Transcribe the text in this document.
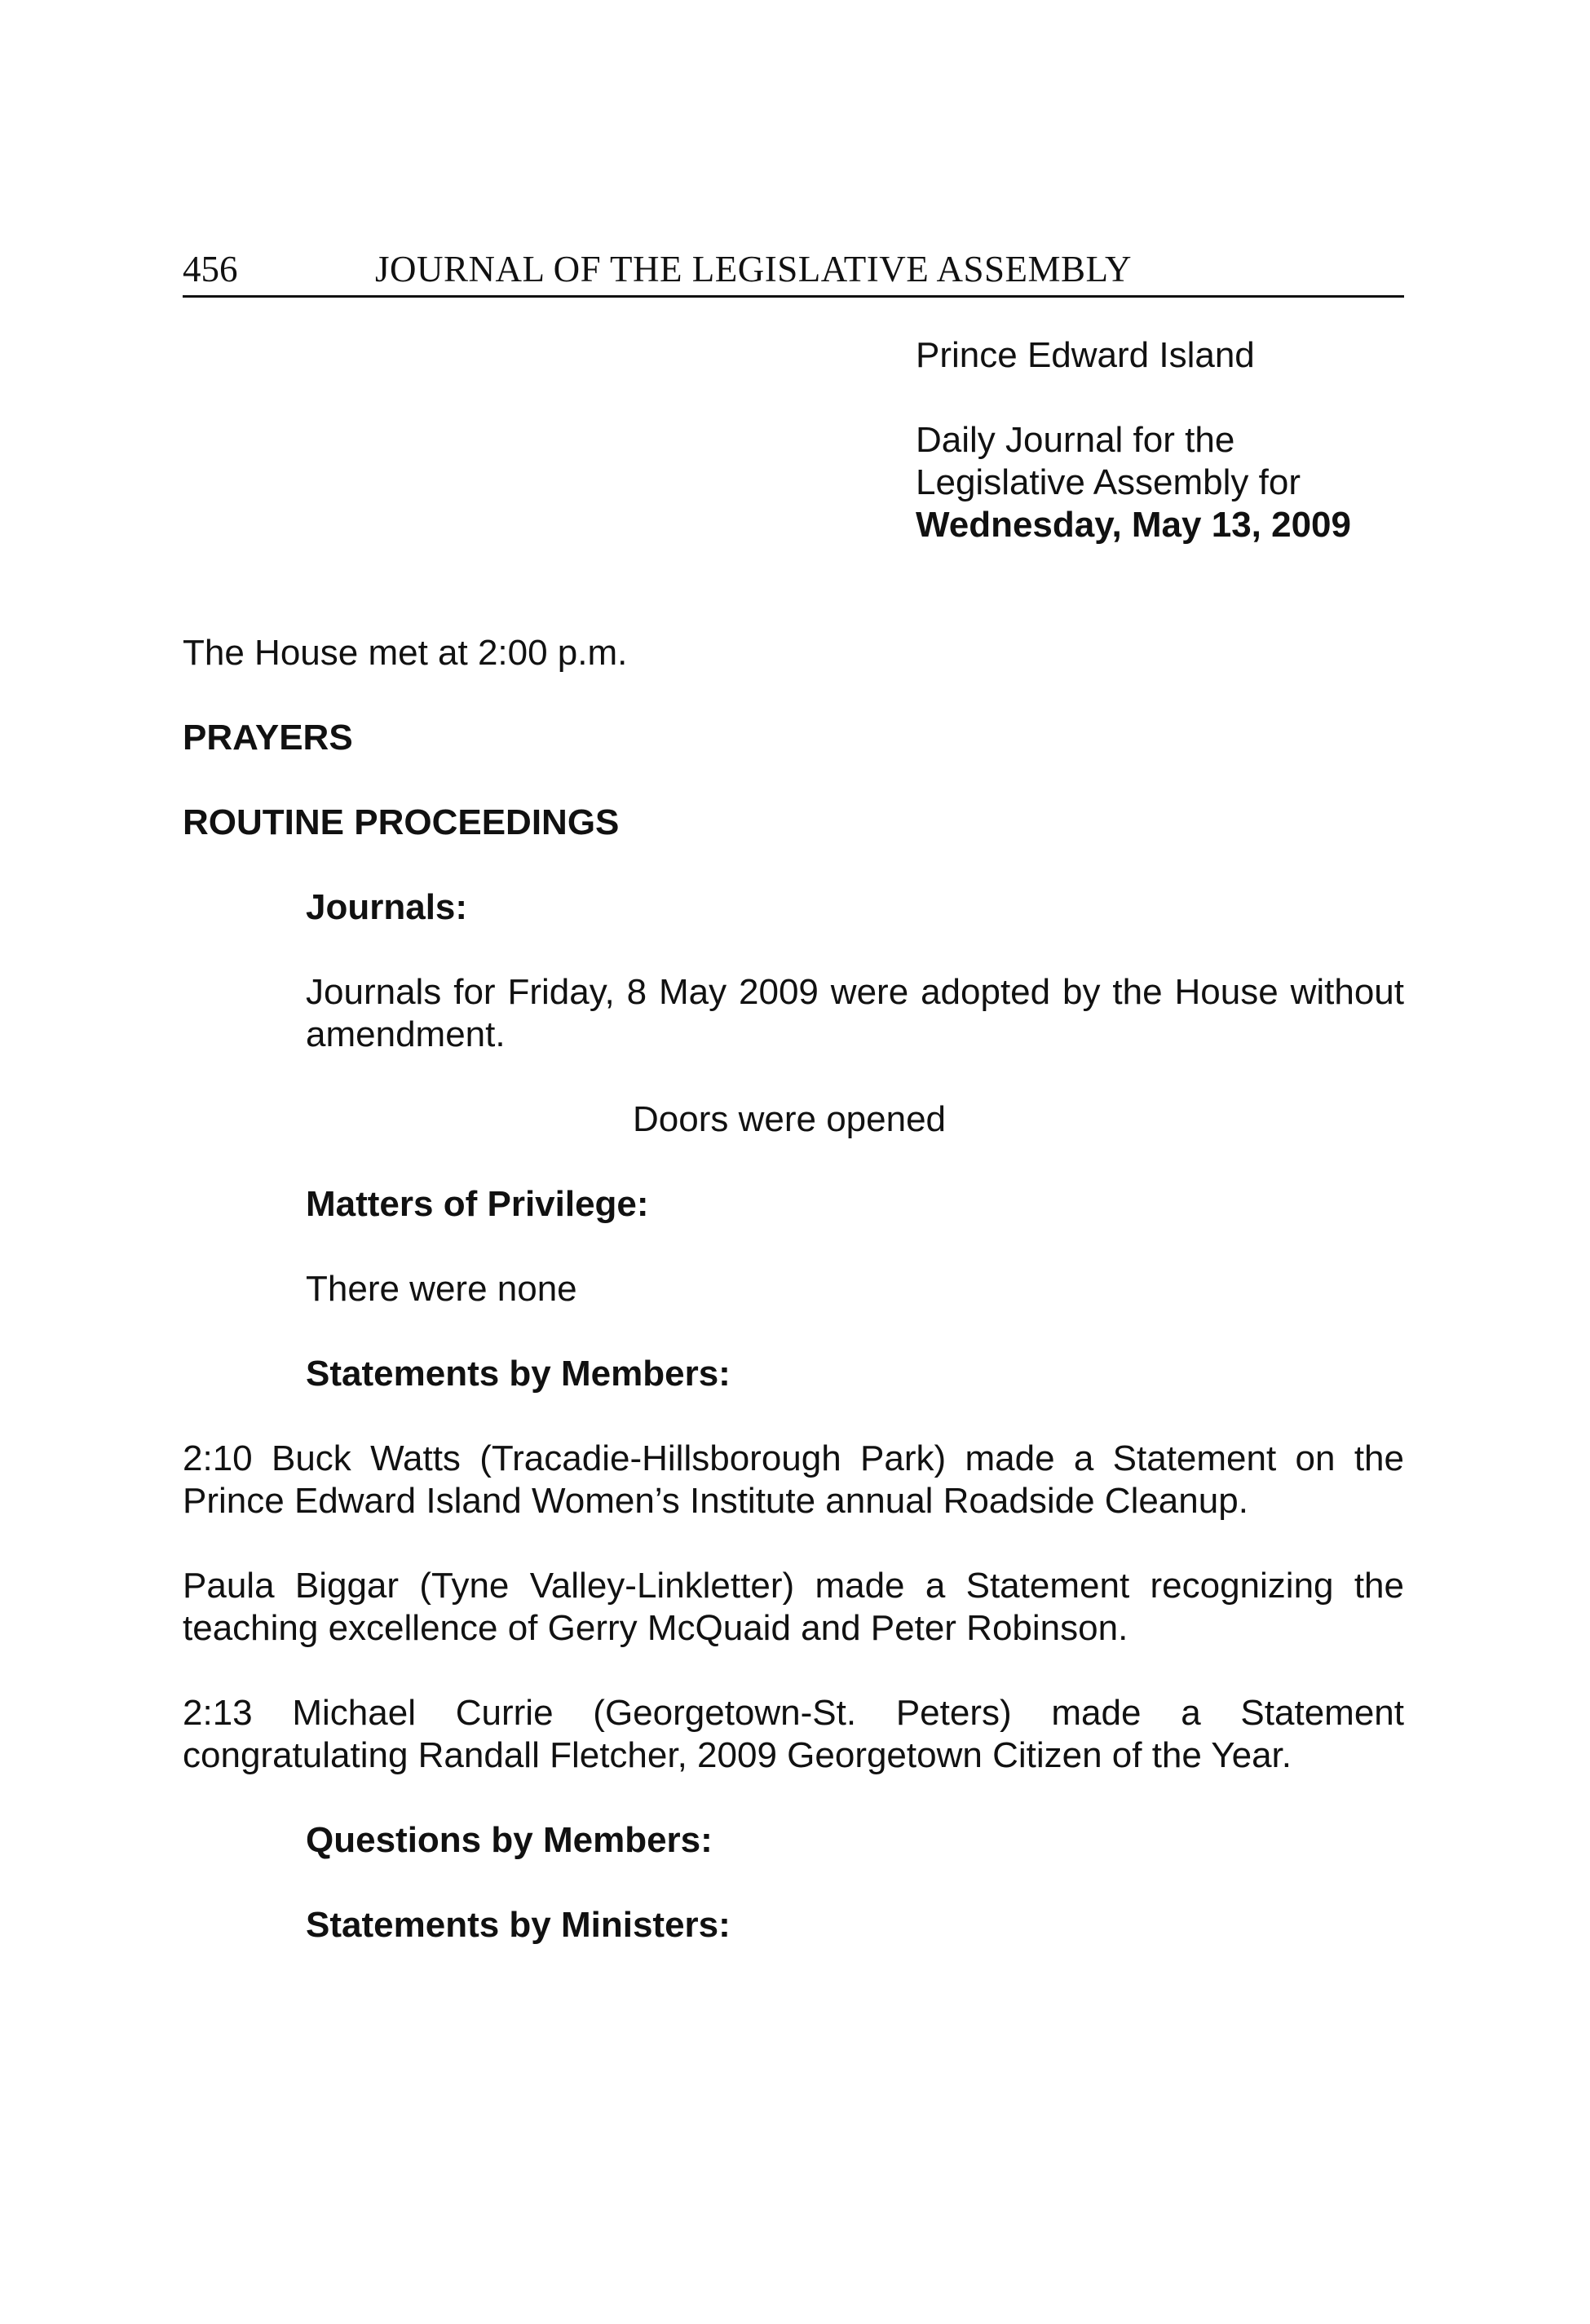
456	JOURNAL OF THE LEGISLATIVE ASSEMBLY
Prince Edward Island
Daily Journal for the
Legislative Assembly for
Wednesday, May 13, 2009
The House met at 2:00 p.m.
PRAYERS
ROUTINE PROCEEDINGS
Journals:
Journals for Friday, 8 May 2009 were adopted by the House without amendment.
Doors were opened
Matters of Privilege:
There were none
Statements by Members:
2:10 Buck Watts (Tracadie-Hillsborough Park) made a Statement on the Prince Edward Island Women’s Institute annual Roadside Cleanup.
Paula Biggar (Tyne Valley-Linkletter) made a Statement recognizing the teaching excellence of Gerry McQuaid and Peter Robinson.
2:13 Michael Currie (Georgetown-St. Peters) made a Statement congratulating Randall Fletcher, 2009 Georgetown Citizen of the Year.
Questions by Members:
Statements by Ministers:
